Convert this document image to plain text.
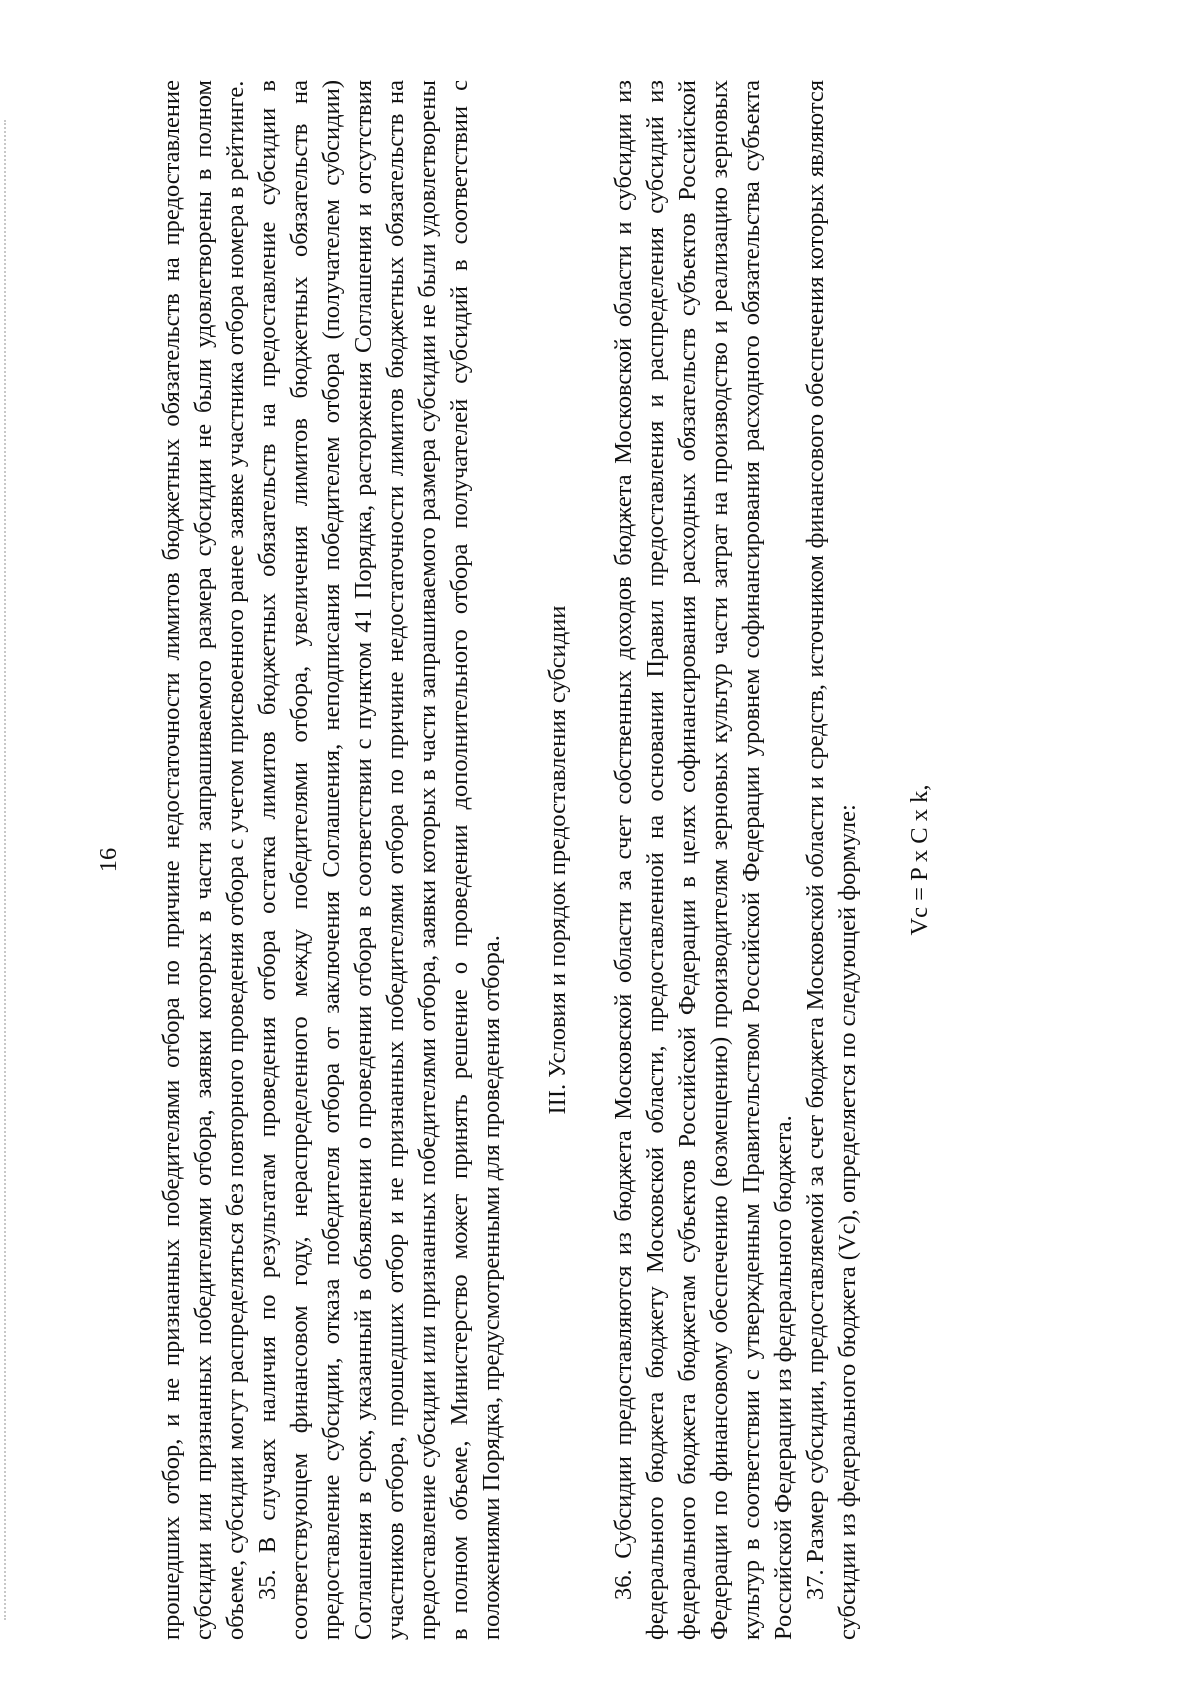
16 прошедших отбор, и не признанных победителями отбора по причине недостаточности лимитов бюджетных обязательств на предоставление субсидии или признанных победителями отбора, заявки которых в части запрашиваемого размера субсидии не были удовлетворены в полном объеме, субсидии могут распределяться без повторного проведения отбора с учетом присвоенного ранее заявке участника отбора номера в рейтинге. 35. В случаях наличия по результатам проведения отбора остатка лимитов бюджетных обязательств на предоставление субсидии в соответствующем финансовом году, нераспределенного между победителями отбора, увеличения лимитов бюджетных обязательств на предоставление субсидии, отказа победителя отбора от заключения Соглашения, неподписания победителем отбора (получателем субсидии) Соглашения в срок, указанный в объявлении о проведении отбора в соответствии с пунктом 41 Порядка, расторжения Соглашения и отсутствия участников отбора, прошедших отбор и не признанных победителями отбора по причине недостаточности лимитов бюджетных обязательств на предоставление субсидии или признанных победителями отбора, заявки которых в части запрашиваемого размера субсидии не были удовлетворены в полном объеме, Министерство может принять решение о проведении дополнительного отбора получателей субсидий в соответствии с положениями Порядка, предусмотренными для проведения отбора.

III. Условия и порядок предоставления субсидии 36. Субсидии предоставляются из бюджета Московской области за счет собственных доходов бюджета Московской области и субсидии из федерального бюджета бюджету Московской области, предоставленной на основании Правил предоставления и распределения субсидий из федерального бюджета бюджетам субъектов Российской Федерации в целях софинансирования расходных обязательств субъектов Российской Федерации по финансовому обеспечению (возмещению) производителям зерновых культур части затрат на производство и реализацию зерновых культур в соответствии с утвержденным Правительством Российской Федерации уровнем софинансирования расходного обязательства субъекта Российской Федерации из федерального бюджета. 37. Размер субсидии, предоставляемой за счет бюджета Московской области и средств, источником финансового обеспечения которых являются субсидии из федерального бюджета (Vc), определяется по следующей формуле: Vc = P x C x k,
